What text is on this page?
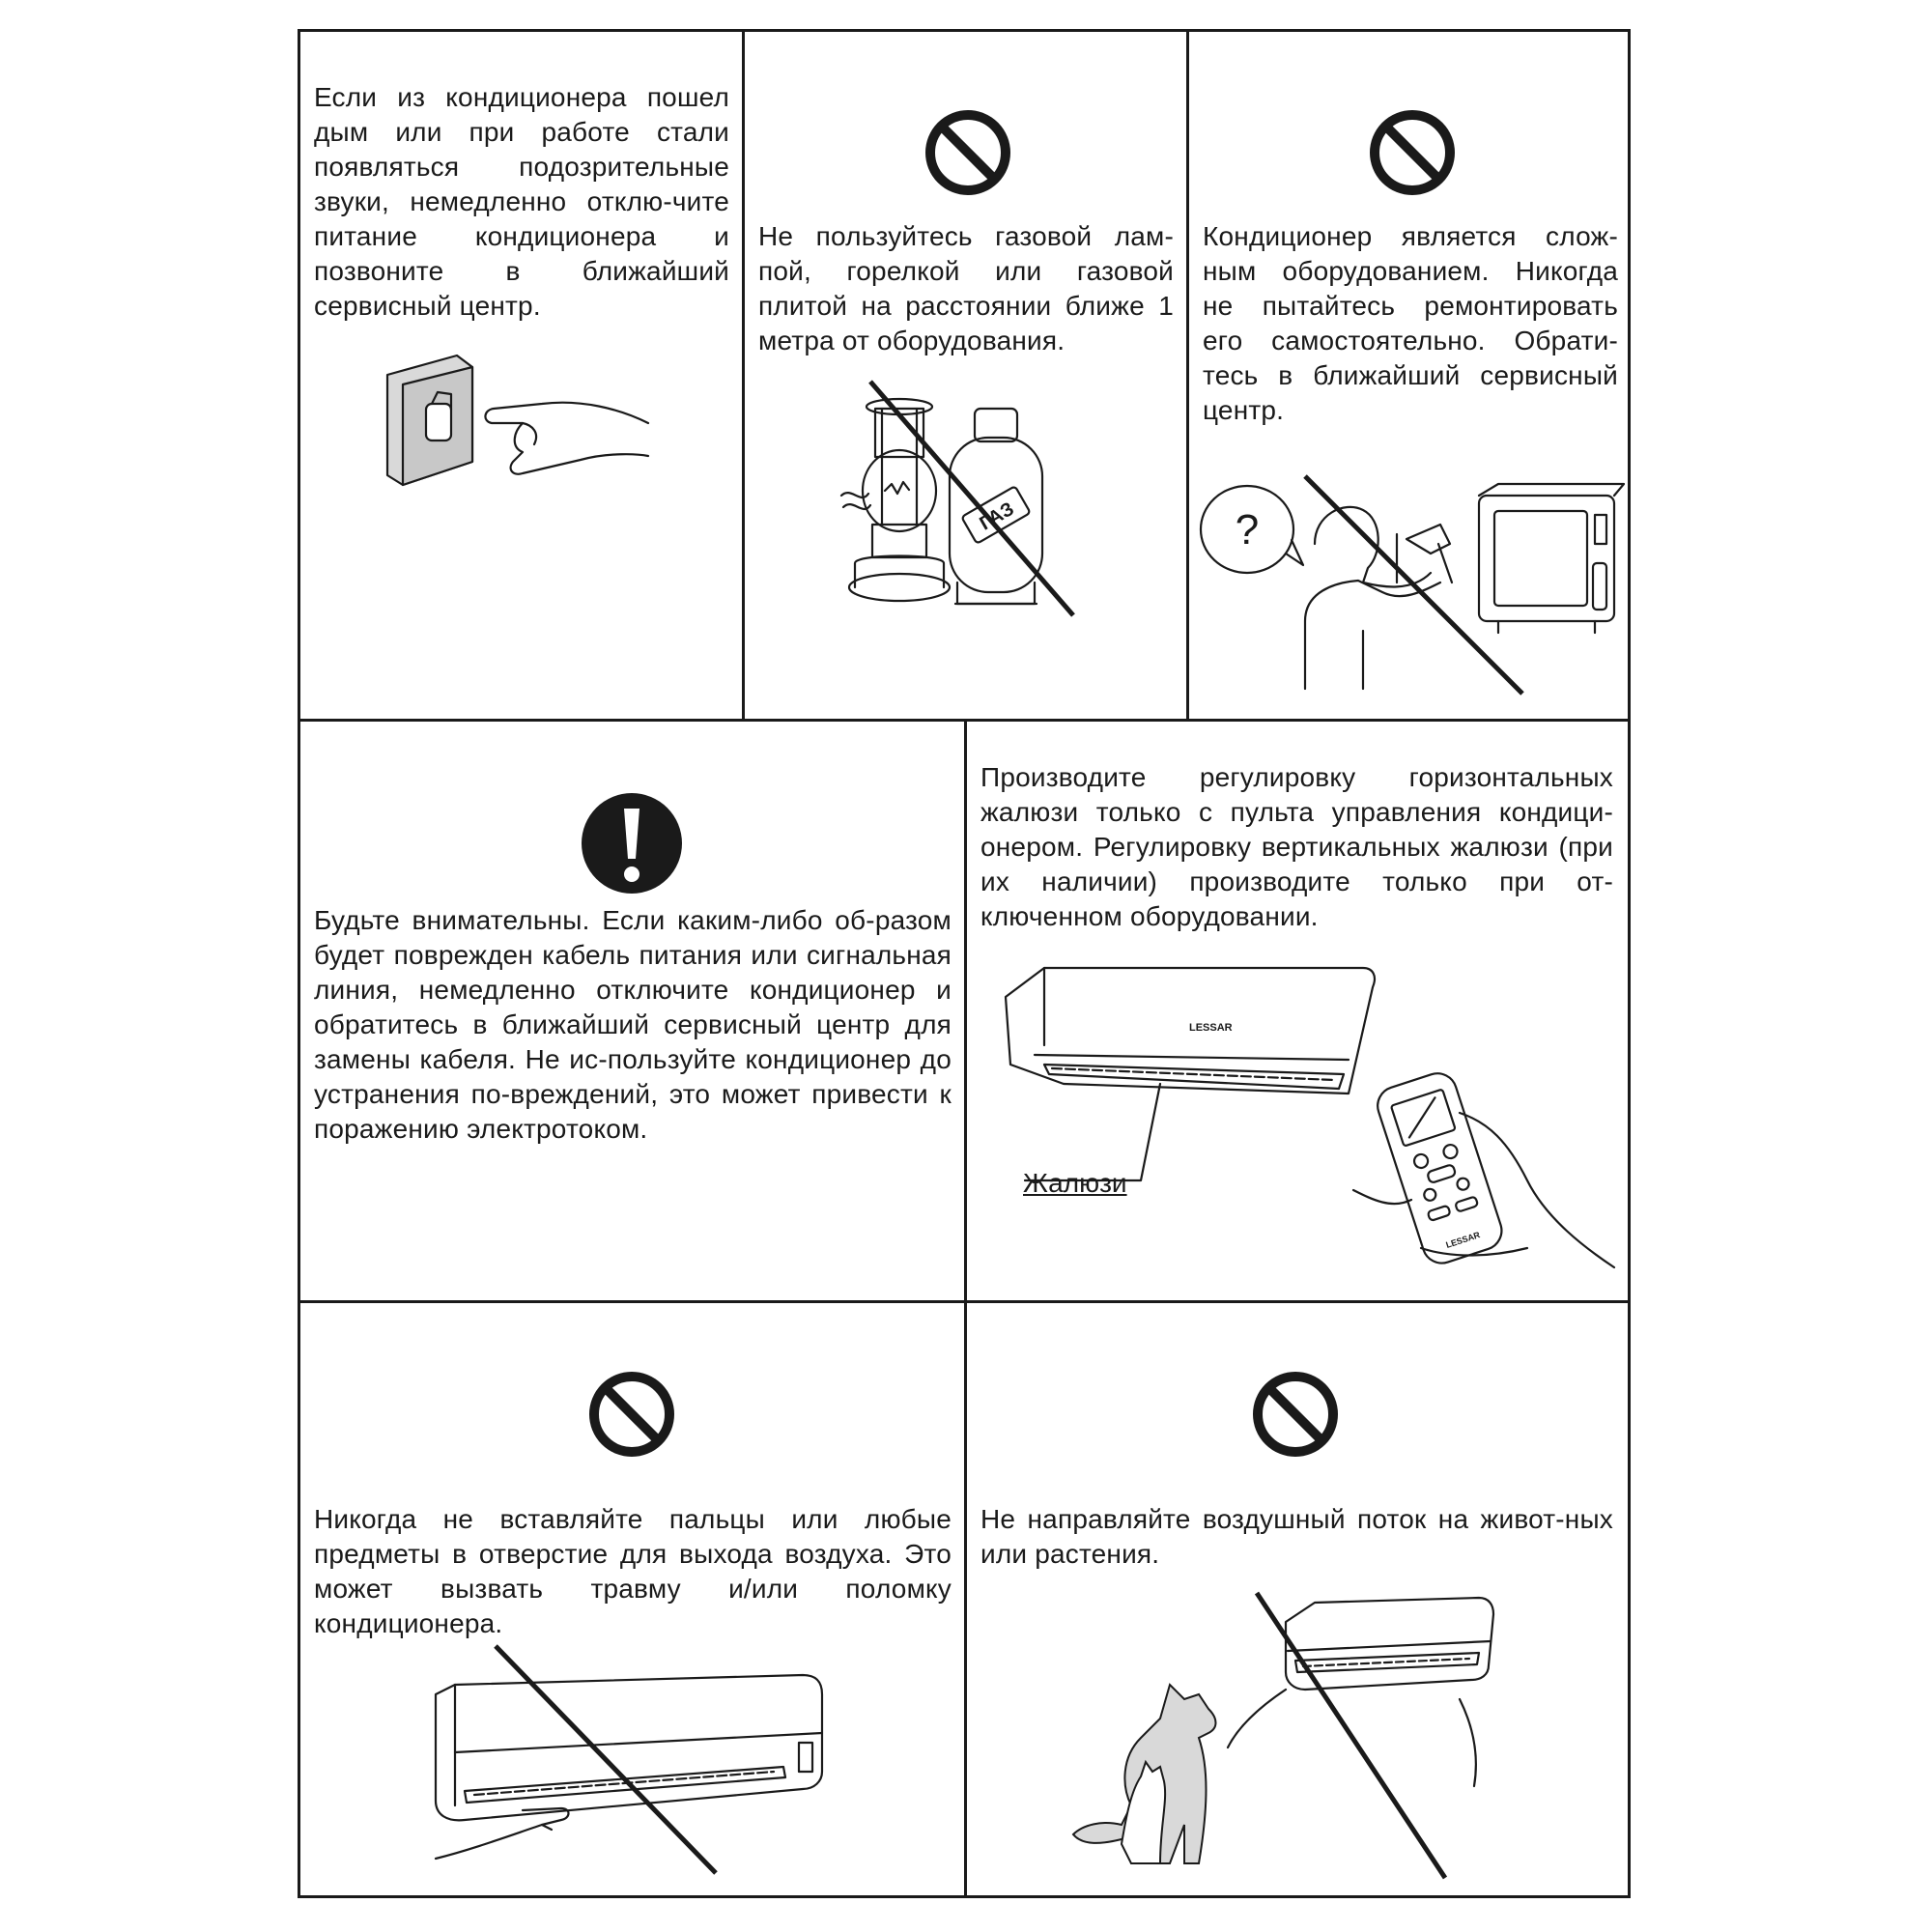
Если из кондиционера пошел дым или при работе стали появляться подозрительные звуки, немедленно отклю-чите питание кондиционера и позвоните в ближайший сервисный центр.
Не пользуйтесь газовой лам-пой, горелкой или газовой плитой на расстоянии ближе 1 метра от оборудования.
ГАЗ
Кондиционер является слож-ным оборудованием. Никогда не пытайтесь ремонтировать его самостоятельно. Обрати-тесь в ближайший сервисный центр.
?
Будьте внимательны. Если каким-либо об-разом будет поврежден кабель питания или сигнальная линия, немедленно отключите кондиционер и обратитесь в ближайший сервисный центр для замены кабеля. Не ис-пользуйте кондиционер до устранения по-вреждений, это может привести к поражению электротоком.
Производите регулировку горизонтальных жалюзи только с пульта управления кондици-онером. Регулировку вертикальных жалюзи (при их наличии) производите только при от-ключенном оборудовании.
LESSAR
LESSAR
Жалюзи
Никогда не вставляйте пальцы или любые предметы в отверстие для выхода воздуха. Это может вызвать травму и/или поломку кондиционера.
Не направляйте воздушный поток на живот-ных или растения.
